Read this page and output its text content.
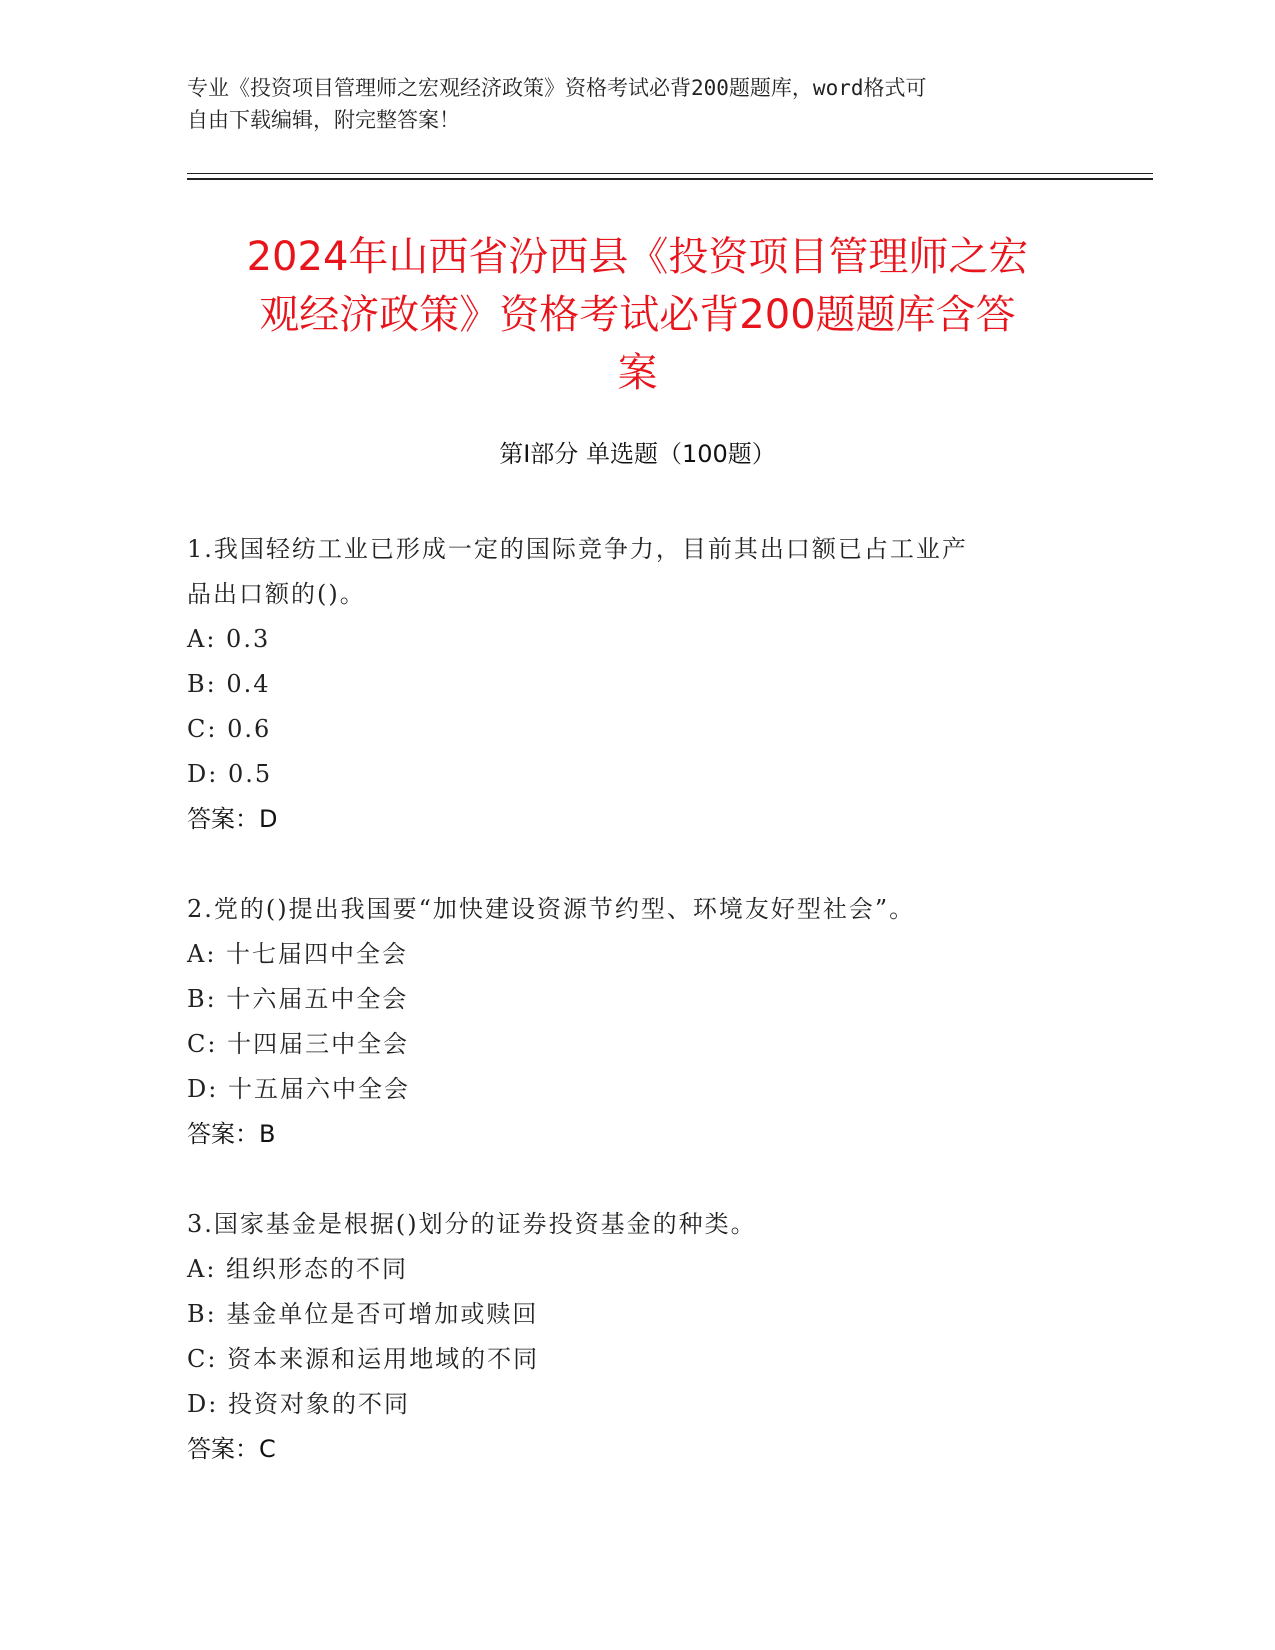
专业《投资项目管理师之宏观经济政策》资格考试必背200题题库，word格式可
自由下载编辑，附完整答案！
2024年山西省汾西县《投资项目管理师之宏
观经济政策》资格考试必背200题题库含答
案
第Ⅰ部分 单选题（100题）
1.我国轻纺工业已形成一定的国际竞争力，目前其出口额已占工业产
品出口额的()。
A: 0.3
B: 0.4
C: 0.6
D: 0.5
答案：D
2.党的()提出我国要“加快建设资源节约型、环境友好型社会”。
A: 十七届四中全会
B: 十六届五中全会
C: 十四届三中全会
D: 十五届六中全会
答案：B
3.国家基金是根据()划分的证券投资基金的种类。
A: 组织形态的不同
B: 基金单位是否可增加或赎回
C: 资本来源和运用地域的不同
D: 投资对象的不同
答案：C
